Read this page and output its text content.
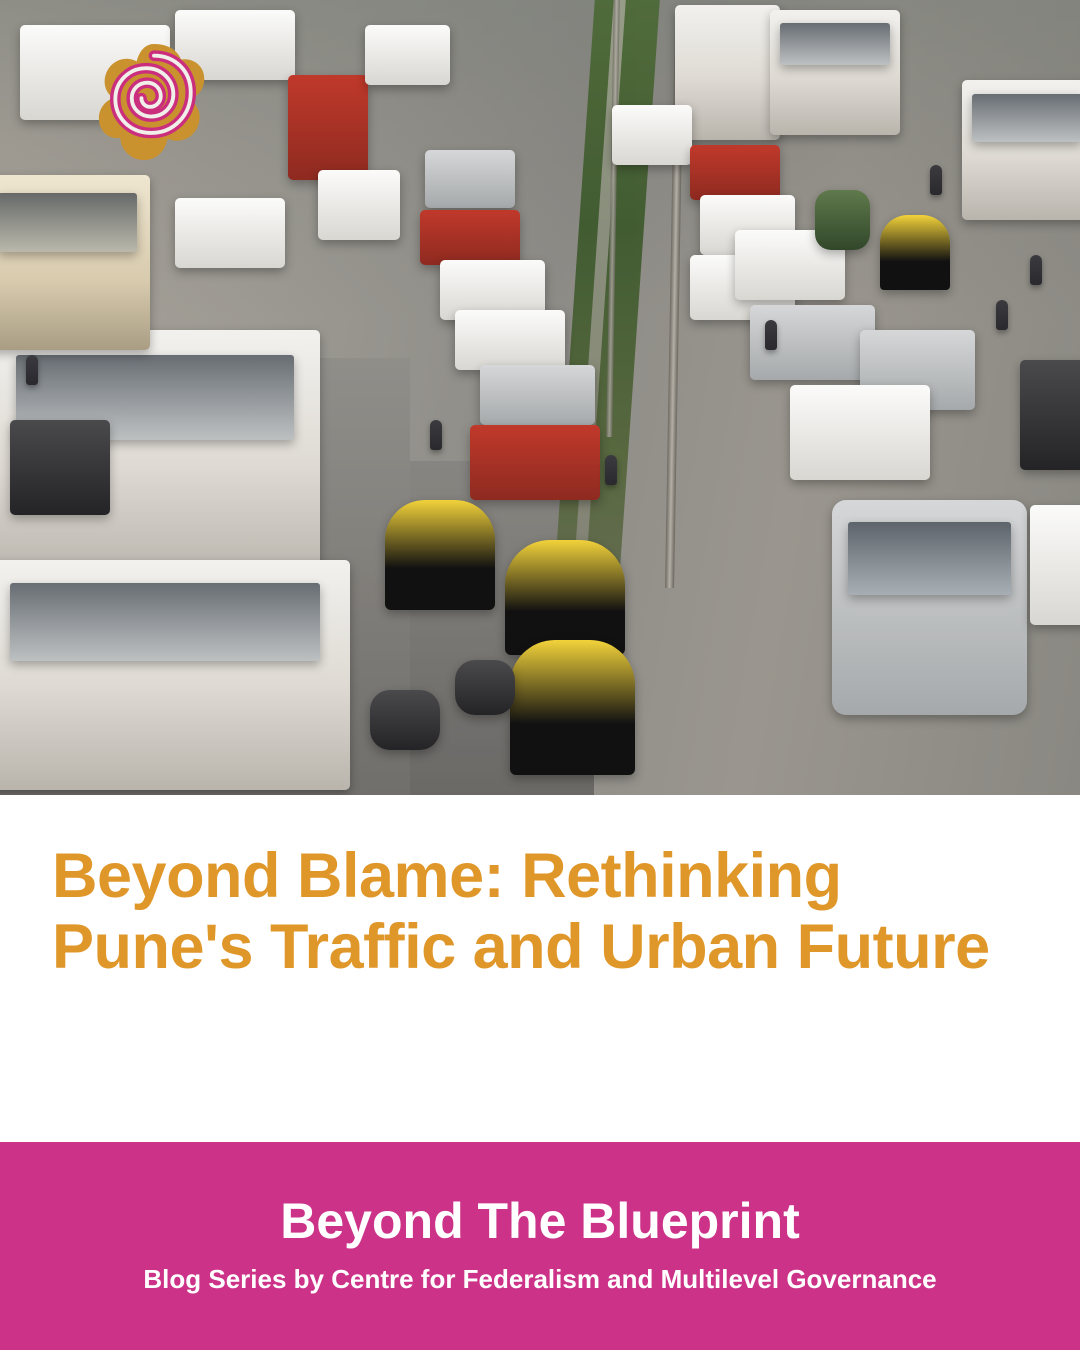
Beyond Blame: Rethinking Pune's Traffic and Urban Future

Beyond The Blueprint

Blog Series by Centre for Federalism and Multilevel Governance
